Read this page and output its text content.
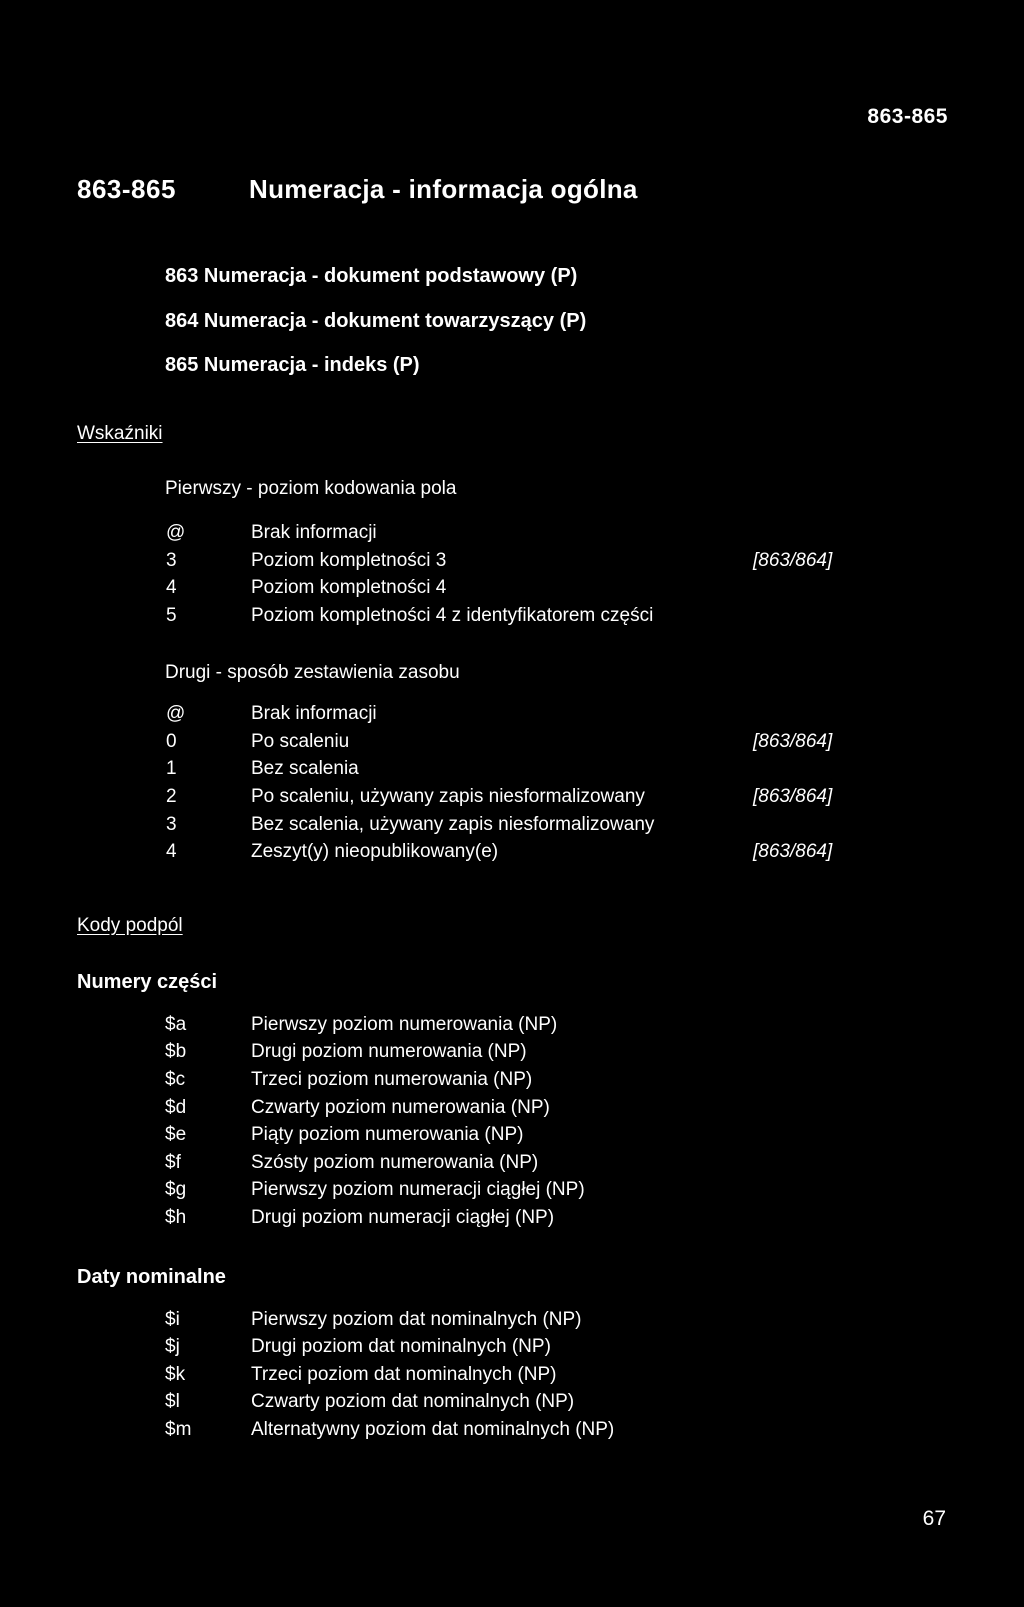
863-865
863-865	Numeracja - informacja ogólna
863 Numeracja - dokument podstawowy (P)
864 Numeracja - dokument towarzyszący (P)
865 Numeracja - indeks (P)
Wskaźniki
Pierwszy - poziom kodowania pola
@	Brak informacji
3	Poziom kompletności 3	[863/864]
4	Poziom kompletności 4
5	Poziom kompletności 4 z identyfikatorem części
Drugi - sposób zestawienia zasobu
@	Brak informacji
0	Po scaleniu	[863/864]
1	Bez scalenia
2	Po scaleniu, używany zapis niesformalizowany	[863/864]
3	Bez scalenia, używany zapis niesformalizowany
4	Zeszyt(y) nieopublikowany(e)	[863/864]
Kody podpól
Numery części
$a	Pierwszy poziom numerowania (NP)
$b	Drugi poziom numerowania (NP)
$c	Trzeci poziom numerowania (NP)
$d	Czwarty poziom numerowania (NP)
$e	Piąty poziom numerowania (NP)
$f	Szósty poziom numerowania (NP)
$g	Pierwszy poziom numeracji ciągłej (NP)
$h	Drugi poziom numeracji ciągłej (NP)
Daty nominalne
$i	Pierwszy poziom dat nominalnych (NP)
$j	Drugi poziom dat nominalnych (NP)
$k	Trzeci poziom dat nominalnych (NP)
$l	Czwarty poziom dat nominalnych (NP)
$m	Alternatywny poziom dat nominalnych (NP)
67
